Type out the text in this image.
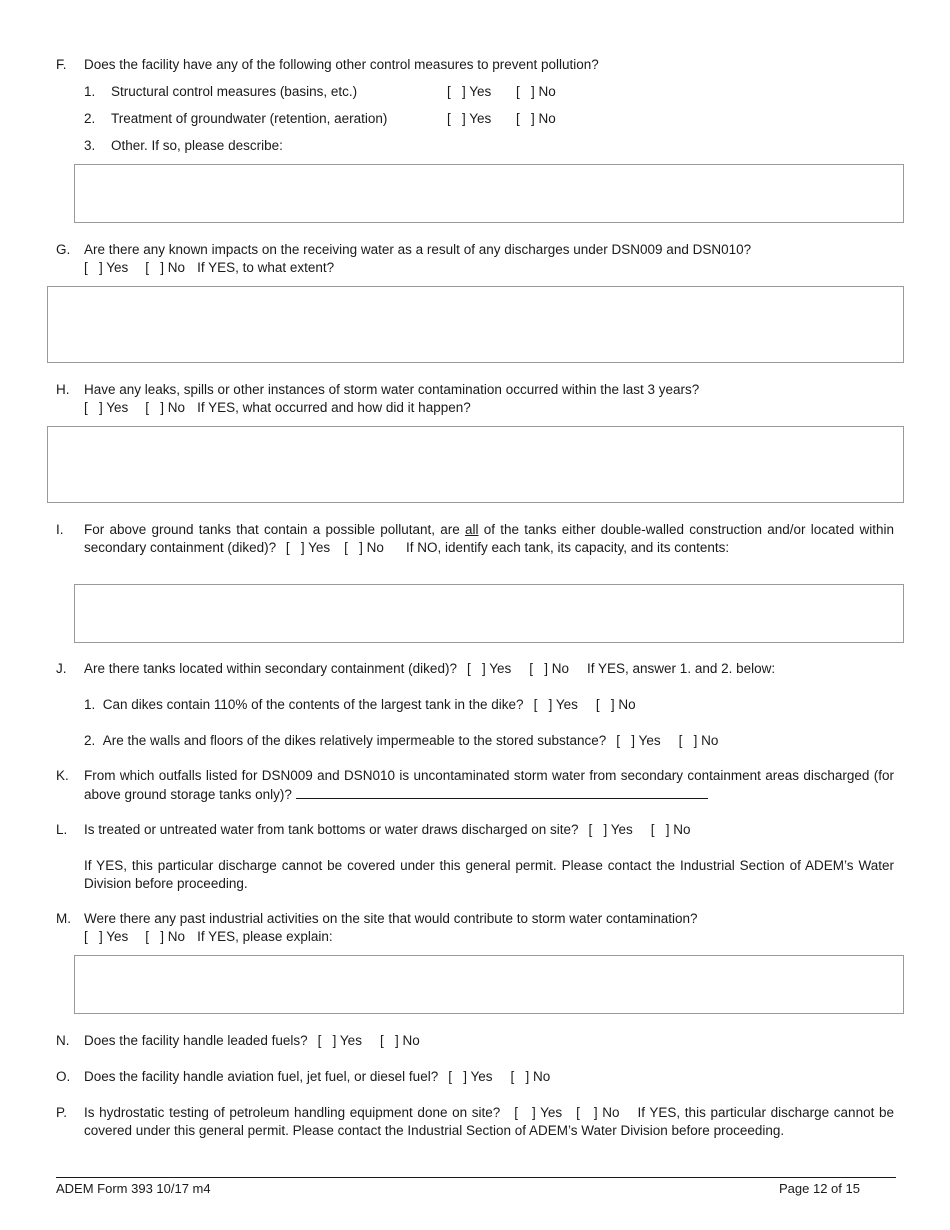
F. Does the facility have any of the following other control measures to prevent pollution?
1. Structural control measures (basins, etc.)	[   ] Yes [   ] No
2. Treatment of groundwater (retention, aeration)	[   ] Yes [   ] No
3. Other. If so, please describe:
G. Are there any known impacts on the receiving water as a result of any discharges under DSN009 and DSN010?
[   ] Yes [   ] No If YES, to what extent?
H. Have any leaks, spills or other instances of storm water contamination occurred within the last 3 years?
[   ] Yes [   ] No If YES, what occurred and how did it happen?
I. For above ground tanks that contain a possible pollutant, are all of the tanks either double-walled construction and/or located within secondary containment (diked)? [   ] Yes [   ] No If NO, identify each tank, its capacity, and its contents:
J. Are there tanks located within secondary containment (diked)? [   ] Yes [   ] No If YES, answer 1. and 2. below:
1. Can dikes contain 110% of the contents of the largest tank in the dike? [   ] Yes [   ] No
2. Are the walls and floors of the dikes relatively impermeable to the stored substance? [   ] Yes [   ] No
K. From which outfalls listed for DSN009 and DSN010 is uncontaminated storm water from secondary containment areas discharged (for above ground storage tanks only)?
L. Is treated or untreated water from tank bottoms or water draws discharged on site? [   ] Yes [   ] No
If YES, this particular discharge cannot be covered under this general permit. Please contact the Industrial Section of ADEM’s Water Division before proceeding.
M. Were there any past industrial activities on the site that would contribute to storm water contamination?
[   ] Yes [   ] No If YES, please explain:
N. Does the facility handle leaded fuels? [   ] Yes [   ] No
O. Does the facility handle aviation fuel, jet fuel, or diesel fuel? [   ] Yes [   ] No
P. Is hydrostatic testing of petroleum handling equipment done on site? [   ] Yes [   ] No If YES, this particular discharge cannot be covered under this general permit. Please contact the Industrial Section of ADEM’s Water Division before proceeding.
ADEM Form 393 10/17 m4	Page 12 of 15
